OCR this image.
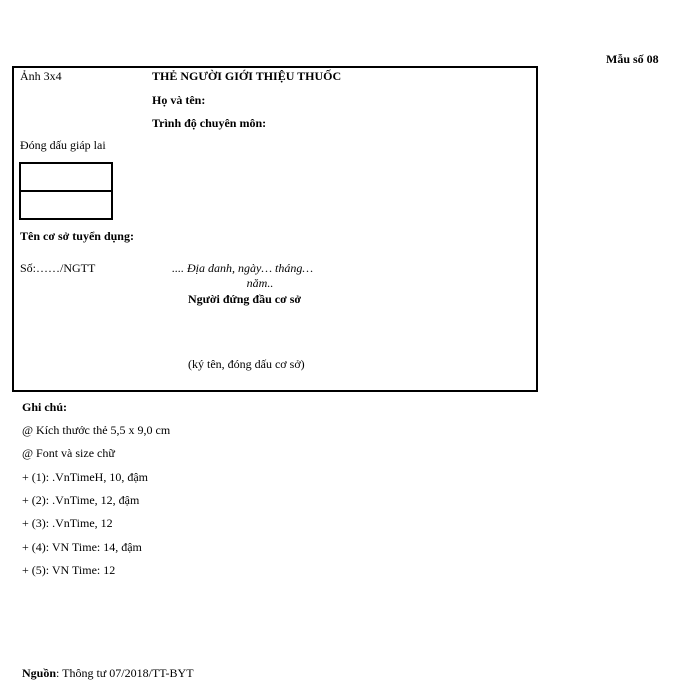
Mẫu số 08
Ảnh 3x4	THẺ NGƯỜI GIỚI THIỆU THUỐC
Họ và tên:
Trình độ chuyên môn:
Đóng dấu giáp lai
Tên cơ sở tuyển dụng:
Số:……/NGTT	.... Địa danh, ngày… tháng…
năm..
Người đứng đầu cơ sở
(ký tên, đóng dấu cơ sở)
Ghi chú:
@ Kích thước thẻ 5,5 x 9,0 cm
@ Font và size chữ
+ (1): .VnTimeH, 10, đậm
+ (2): .VnTime, 12, đậm
+ (3): .VnTime, 12
+ (4): VN Time: 14, đậm
+ (5): VN Time: 12
Nguồn: Thông tư 07/2018/TT-BYT
